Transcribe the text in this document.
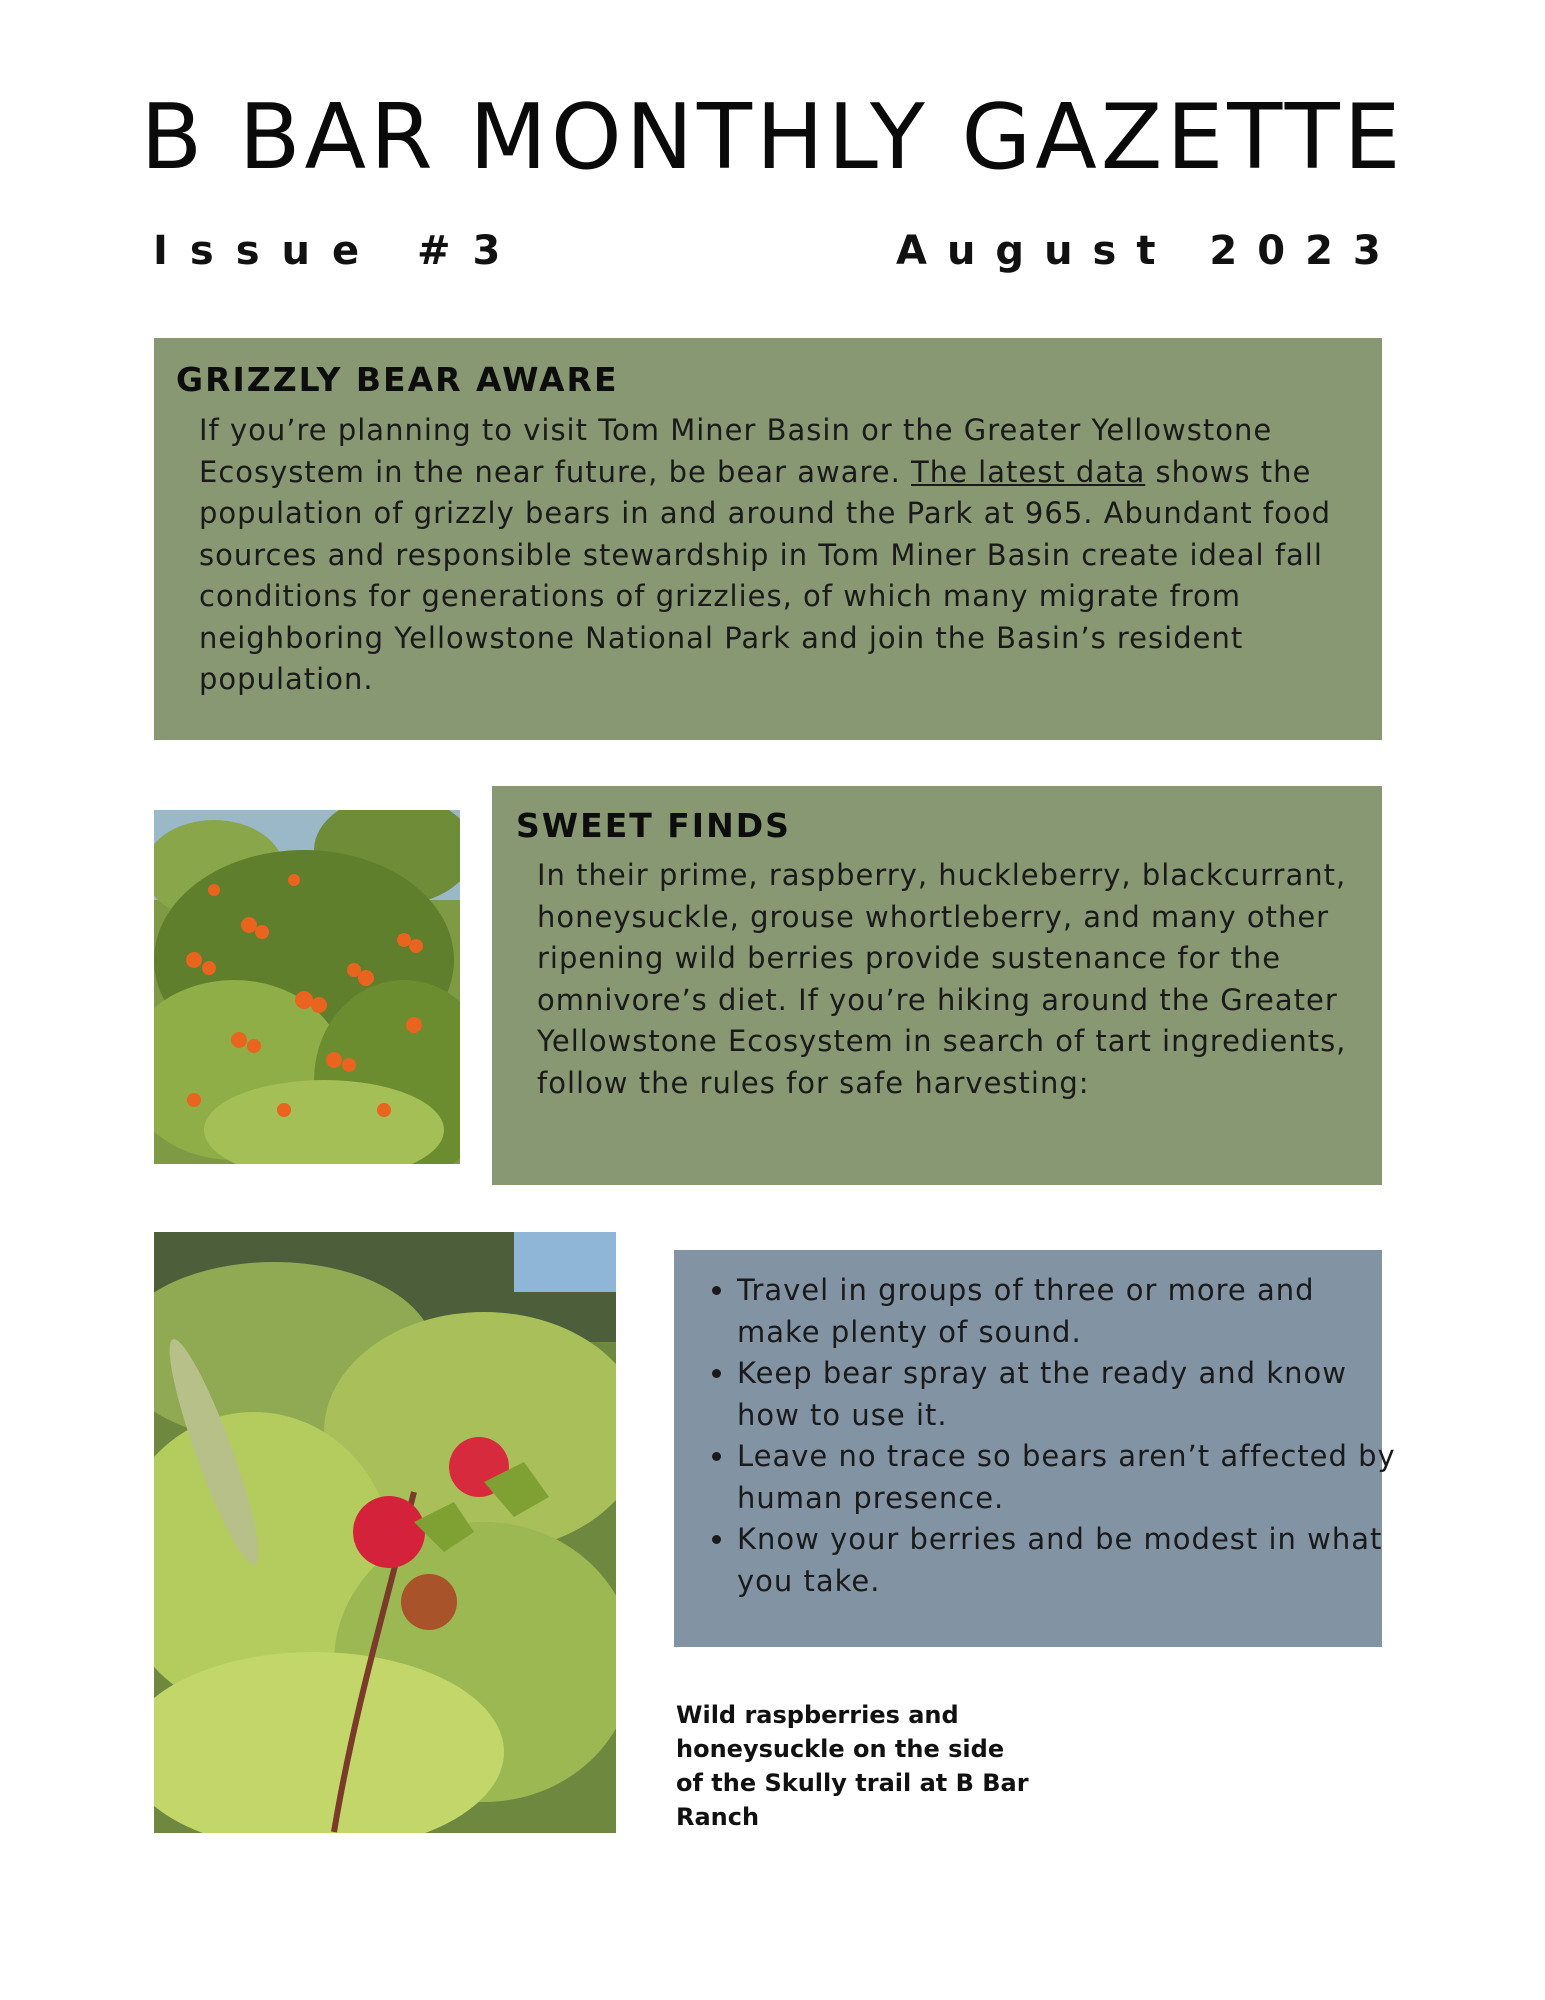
B BAR MONTHLY GAZETTE
Issue #3	August 2023
GRIZZLY BEAR AWARE

If you’re planning to visit Tom Miner Basin or the Greater Yellowstone Ecosystem in the near future, be bear aware. The latest data shows the population of grizzly bears in and around the Park at 965. Abundant food sources and responsible stewardship in Tom Miner Basin create ideal fall conditions for generations of grizzlies, of which many migrate from neighboring Yellowstone National Park and join the Basin’s resident population.

SWEET FINDS

In their prime, raspberry, huckleberry, blackcurrant, honeysuckle, grouse whortleberry, and many other ripening wild berries provide sustenance for the omnivore’s diet. If you’re hiking around the Greater Yellowstone Ecosystem in search of tart ingredients, follow the rules for safe harvesting:

• Travel in groups of three or more and make plenty of sound.
• Keep bear spray at the ready and know how to use it.
• Leave no trace so bears aren’t affected by human presence.
• Know your berries and be modest in what you take.

Wild raspberries and honeysuckle on the side of the Skully trail at B Bar Ranch
